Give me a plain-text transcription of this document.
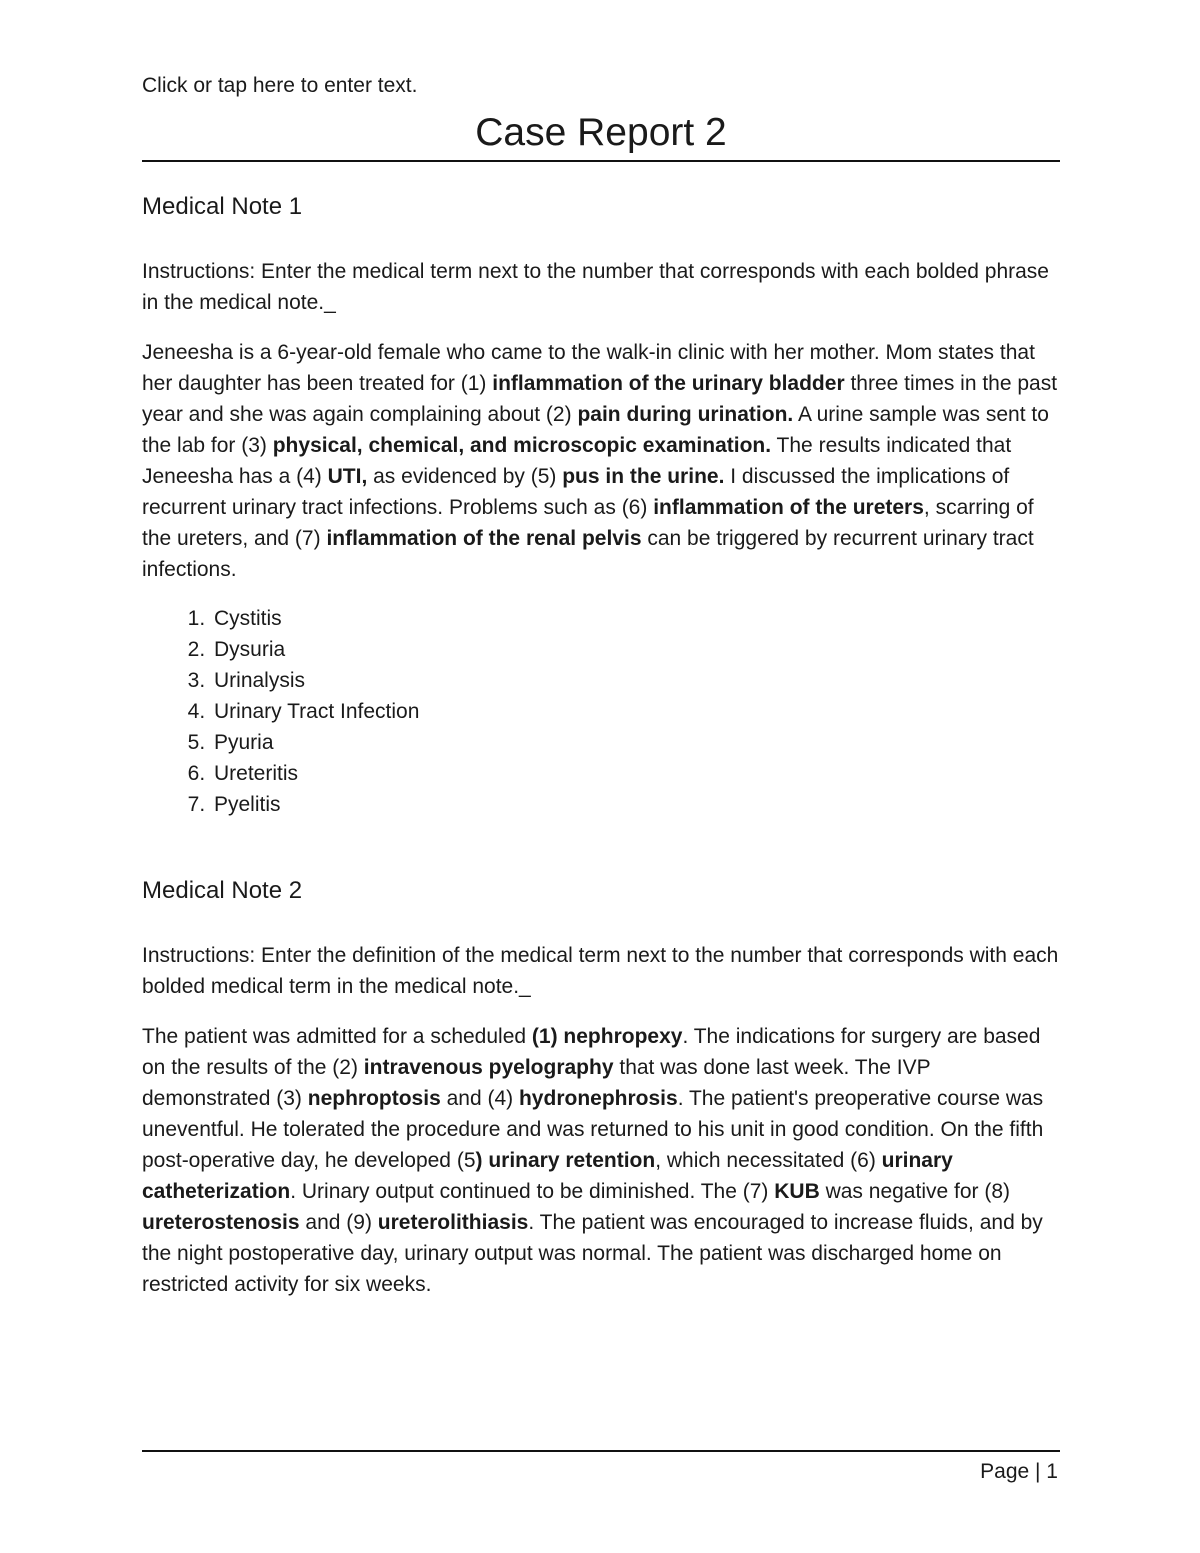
Click or tap here to enter text.

Case Report 2
Medical Note 1

Instructions: Enter the medical term next to the number that corresponds with each bolded phrase in the medical note._

Jeneesha is a 6-year-old female who came to the walk-in clinic with her mother. Mom states that her daughter has been treated for (1) inflammation of the urinary bladder three times in the past year and she was again complaining about (2) pain during urination. A urine sample was sent to the lab for (3) physical, chemical, and microscopic examination. The results indicated that Jeneesha has a (4) UTI, as evidenced by (5) pus in the urine. I discussed the implications of recurrent urinary tract infections. Problems such as (6) inflammation of the ureters, scarring of the ureters, and (7) inflammation of the renal pelvis can be triggered by recurrent urinary tract infections.

1. Cystitis
2. Dysuria
3. Urinalysis
4. Urinary Tract Infection
5. Pyuria
6. Ureteritis
7. Pyelitis
Medical Note 2

Instructions: Enter the definition of the medical term next to the number that corresponds with each bolded medical term in the medical note._

The patient was admitted for a scheduled (1) nephropexy. The indications for surgery are based on the results of the (2) intravenous pyelography that was done last week. The IVP demonstrated (3) nephroptosis and (4) hydronephrosis. The patient's preoperative course was uneventful. He tolerated the procedure and was returned to his unit in good condition. On the fifth post-operative day, he developed (5) urinary retention, which necessitated (6) urinary catheterization. Urinary output continued to be diminished. The (7) KUB was negative for (8) ureterostenosis and (9) ureterolithiasis. The patient was encouraged to increase fluids, and by the night postoperative day, urinary output was normal. The patient was discharged home on restricted activity for six weeks.

Page | 1
